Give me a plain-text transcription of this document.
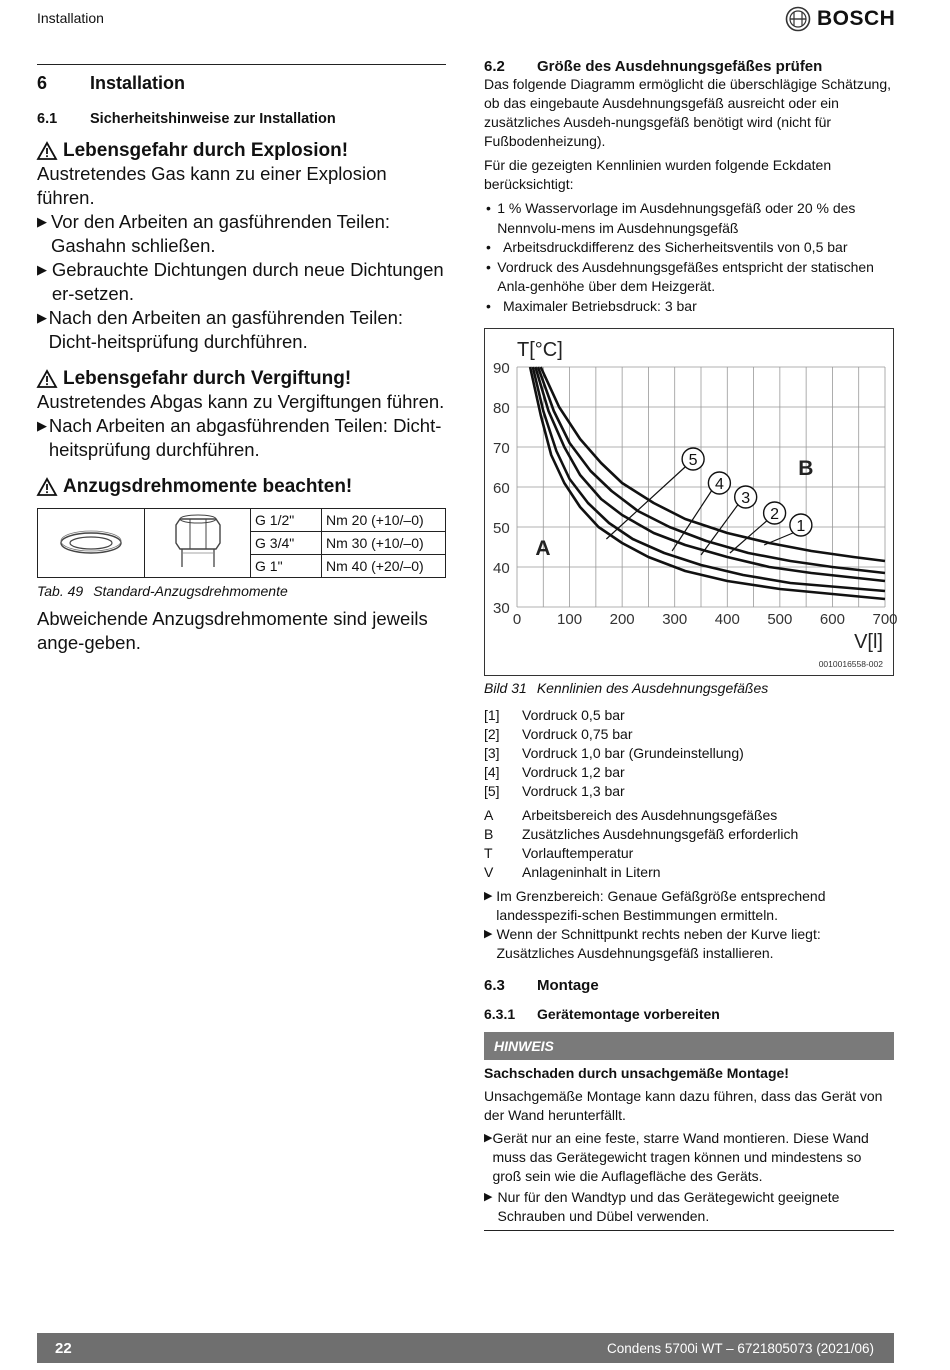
Installation	BOSCH
6	Installation
6.1	Sicherheitshinweise zur Installation
Lebensgefahr durch Explosion!
Austretendes Gas kann zu einer Explosion führen.
▶ Vor den Arbeiten an gasführenden Teilen: Gashahn schließen.
▶ Gebrauchte Dichtungen durch neue Dichtungen er-setzen.
▶ Nach den Arbeiten an gasführenden Teilen: Dicht-heitsprüfung durchführen.
Lebensgefahr durch Vergiftung!
Austretendes Abgas kann zu Vergiftungen führen.
▶ Nach Arbeiten an abgasführenden Teilen: Dicht-heitsprüfung durchführen.
Anzugsdrehmomente beachten!
		G 1/2"	Nm 20 (+10/–0)
		G 3/4"	Nm 30 (+10/–0)
		G 1"	Nm 40 (+20/–0)
Tab. 49 Standard-Anzugsdrehmomente
Abweichende Anzugsdrehmomente sind jeweils ange-geben.
6.2	Größe des Ausdehnungsgefäßes prüfen
Das folgende Diagramm ermöglicht die überschlägige Schätzung, ob das eingebaute Ausdehnungsgefäß ausreicht oder ein zusätzliches Ausdeh-nungsgefäß benötigt wird (nicht für Fußbodenheizung).
Für die gezeigten Kennlinien wurden folgende Eckdaten berücksichtigt:
• 1 % Wasservorlage im Ausdehnungsgefäß oder 20 % des Nennvolu-mens im Ausdehnungsgefäß
• Arbeitsdruckdifferenz des Sicherheitsventils von 0,5 bar
• Vordruck des Ausdehnungsgefäßes entspricht der statischen Anla-genhöhe über dem Heizgerät.
• Maximaler Betriebsdruck: 3 bar
30
40
50
60
70
80
90
0 100 200 300 400 500 600 700
T[°C]
V[l]
A
B
1
2
3
4
5
0010016558-002
Bild 31 Kennlinien des Ausdehnungsgefäßes
[1]	Vordruck 0,5 bar
[2]	Vordruck 0,75 bar
[3]	Vordruck 1,0 bar (Grundeinstellung)
[4]	Vordruck 1,2 bar
[5]	Vordruck 1,3 bar
A	Arbeitsbereich des Ausdehnungsgefäßes
B	Zusätzliches Ausdehnungsgefäß erforderlich
T	Vorlauftemperatur
V	Anlageninhalt in Litern
▶ Im Grenzbereich: Genaue Gefäßgröße entsprechend landesspezifi-schen Bestimmungen ermitteln.
▶ Wenn der Schnittpunkt rechts neben der Kurve liegt: Zusätzliches Ausdehnungsgefäß installieren.
6.3	Montage
6.3.1	Gerätemontage vorbereiten
HINWEIS
Sachschaden durch unsachgemäße Montage!
Unsachgemäße Montage kann dazu führen, dass das Gerät von der Wand herunterfällt.
▶ Gerät nur an eine feste, starre Wand montieren. Diese Wand muss das Gerätegewicht tragen können und mindestens so groß sein wie die Auflagefläche des Geräts.
▶ Nur für den Wandtyp und das Gerätegewicht geeignete Schrauben und Dübel verwenden.
22	Condens 5700i WT – 6721805073 (2021/06)
